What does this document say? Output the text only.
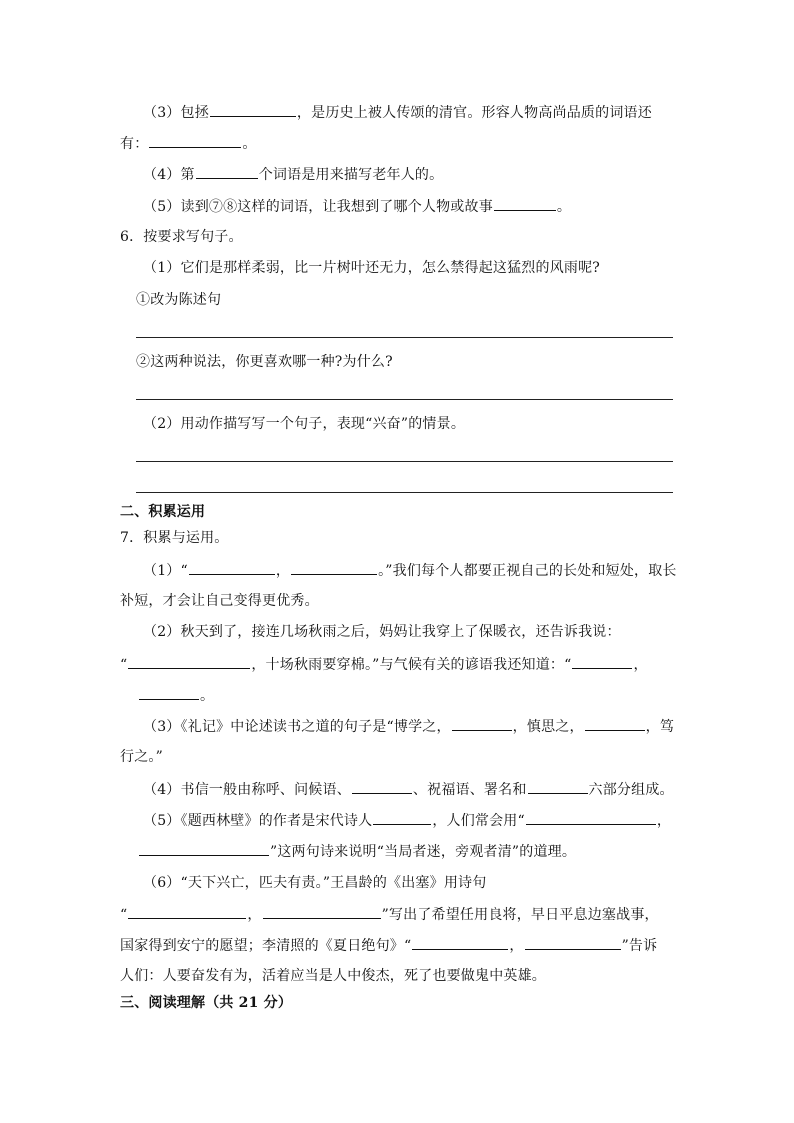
（3）包拯	，是历史上被人传颂的清官。形容人物高尚品质的词语还
有：	。
（4）第	个词语是用来描写老年人的。
（5）读到⑦⑧这样的词语，让我想到了哪个人物或故事	。
6．按要求写句子。
（1）它们是那样柔弱，比一片树叶还无力，怎么禁得起这猛烈的风雨呢?
①改为陈述句
②这两种说法，你更喜欢哪一种?为什么?
（2）用动作描写写一个句子，表现“兴奋”的情景。
二、积累运用
7．积累与运用。
（1）“	，	。”我们每个人都要正视自己的长处和短处，取长
补短，才会让自己变得更优秀。
（2）秋天到了，接连几场秋雨之后，妈妈让我穿上了保暖衣，还告诉我说：
“	，十场秋雨要穿棉。”与气候有关的谚语我还知道：“	，
。
（3）《礼记》中论述读书之道的句子是“博学之，	，慎思之，	，笃
行之。”
（4）书信一般由称呼、问候语、	、祝福语、署名和	六部分组成。
（5）《题西林壁》的作者是宋代诗人	，人们常会用“	，
”这两句诗来说明“当局者迷，旁观者清”的道理。
（6）“天下兴亡，匹夫有责。”王昌龄的《出塞》用诗句
“	，	”写出了希望任用良将，早日平息边塞战事，
国家得到安宁的愿望；李清照的《夏日绝句》“	，	”告诉
人们：人要奋发有为，活着应当是人中俊杰，死了也要做鬼中英雄。
三、阅读理解（共 21 分）
